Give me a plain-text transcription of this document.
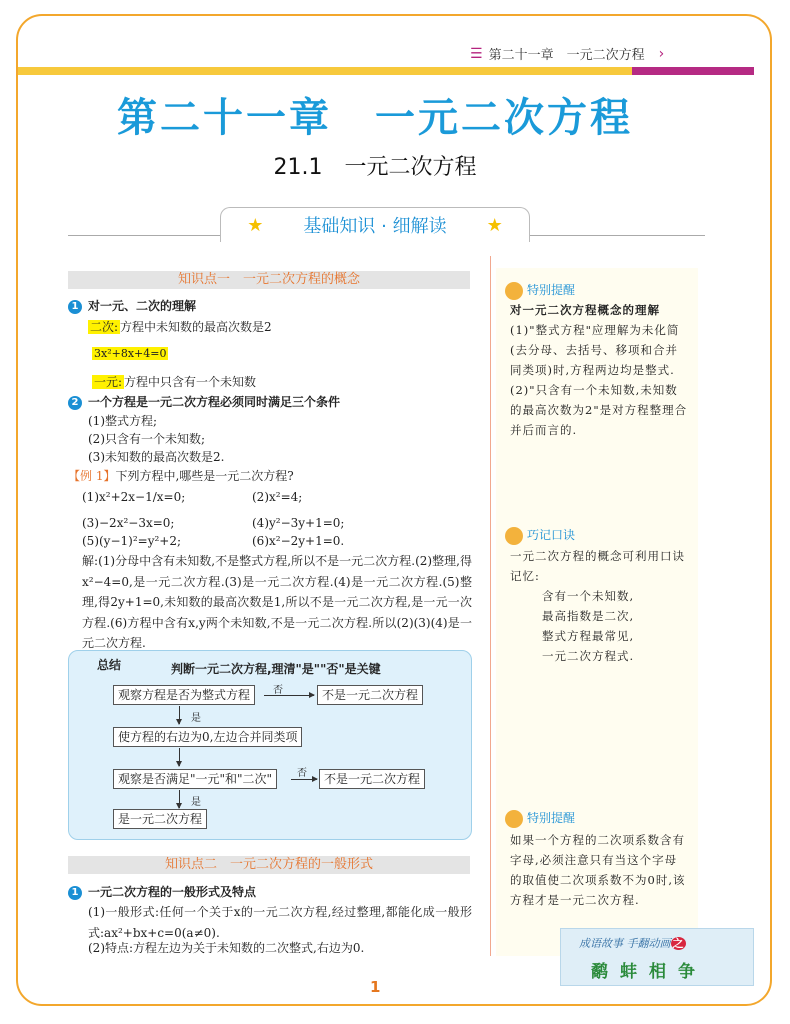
☰ 第二十一章　一元二次方程 ›
第二十一章　一元二次方程
21.1　一元二次方程
★ 基础知识 · 细解读 ★
知识点一　一元二次方程的概念
1 对一元、二次的理解
二次: 方程中未知数的最高次数是2
3x²+8x+4=0
一元: 方程中只含有一个未知数
2 一个方程是一元二次方程必须同时满足三个条件
(1)整式方程;
(2)只含有一个未知数;
(3)未知数的最高次数是2.
【例 1】下列方程中,哪些是一元二次方程?
(1)x²+2x−1/x=0;	(2)x²=4;
(3)−2x²−3x=0;	(4)y²−3y+1=0;
(5)(y−1)²=y²+2;	(6)x²−2y+1=0.
解:(1)分母中含有未知数,不是整式方程,所以不是一元二次方程.(2)整理,得x²−4=0,是一元二次方程.(3)是一元二次方程.(4)是一元二次方程.(5)整理,得2y+1=0,未知数的最高次数是1,所以不是一元二次方程,是一元一次方程.(6)方程中含有x,y两个未知数,不是一元二次方程.所以(2)(3)(4)是一元二次方程.
总结	判断一元二次方程,理清"是""否"是关键
观察方程是否为整式方程	否	不是一元二次方程
是
使方程的右边为0,左边合并同类项
观察是否满足"一元"和"二次"	否	不是一元二次方程
是
是一元二次方程
知识点二　一元二次方程的一般形式
1 一元二次方程的一般形式及特点
(1)一般形式:任何一个关于x的一元二次方程,经过整理,都能化成一般形式:ax²+bx+c=0(a≠0).
(2)特点:方程左边为关于未知数的二次整式,右边为0.
特别提醒
对一元二次方程概念的理解
(1)"整式方程"应理解为未化简(去分母、去括号、移项和合并同类项)时,方程两边均是整式.
(2)"只含有一个未知数,未知数的最高次数为2"是对方程整理合并后而言的.
巧记口诀
一元二次方程的概念可利用口诀记忆:
含有一个未知数,
最高指数是二次,
整式方程最常见,
一元二次方程式.
特别提醒
如果一个方程的二次项系数含有字母,必须注意只有当这个字母的取值使二次项系数不为0时,该方程才是一元二次方程.
成语故事 手翻动画 之
鹬蚌相争
1
